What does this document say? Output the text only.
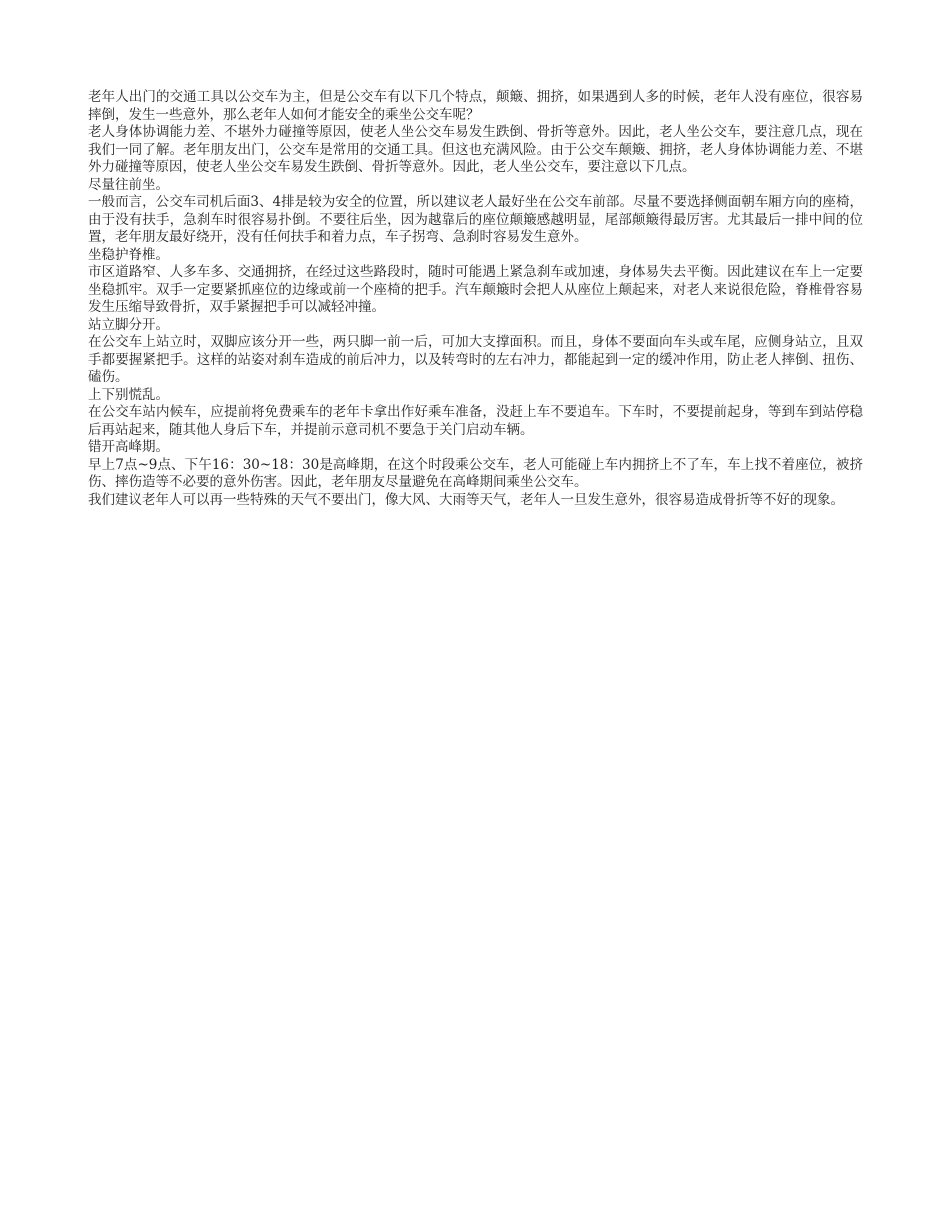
老年人出门的交通工具以公交车为主，但是公交车有以下几个特点，颠簸、拥挤，如果遇到人多的时候，老年人没有座位，很容易摔倒，发生一些意外，那么老年人如何才能安全的乘坐公交车呢？

老人身体协调能力差、不堪外力碰撞等原因，使老人坐公交车易发生跌倒、骨折等意外。因此，老人坐公交车，要注意几点，现在我们一同了解。老年朋友出门，公交车是常用的交通工具。但这也充满风险。由于公交车颠簸、拥挤，老人身体协调能力差、不堪外力碰撞等原因，使老人坐公交车易发生跌倒、骨折等意外。因此，老人坐公交车，要注意以下几点。

尽量往前坐。

一般而言，公交车司机后面3、4排是较为安全的位置，所以建议老人最好坐在公交车前部。尽量不要选择侧面朝车厢方向的座椅，由于没有扶手，急刹车时很容易扑倒。不要往后坐，因为越靠后的座位颠簸感越明显，尾部颠簸得最厉害。尤其最后一排中间的位置，老年朋友最好绕开，没有任何扶手和着力点，车子拐弯、急刹时容易发生意外。

坐稳护脊椎。

市区道路窄、人多车多、交通拥挤，在经过这些路段时，随时可能遇上紧急刹车或加速，身体易失去平衡。因此建议在车上一定要坐稳抓牢。双手一定要紧抓座位的边缘或前一个座椅的把手。汽车颠簸时会把人从座位上颠起来，对老人来说很危险，脊椎骨容易发生压缩导致骨折，双手紧握把手可以减轻冲撞。

站立脚分开。

在公交车上站立时，双脚应该分开一些，两只脚一前一后，可加大支撑面积。而且，身体不要面向车头或车尾，应侧身站立，且双手都要握紧把手。这样的站姿对刹车造成的前后冲力，以及转弯时的左右冲力，都能起到一定的缓冲作用，防止老人摔倒、扭伤、磕伤。

上下别慌乱。

在公交车站内候车，应提前将免费乘车的老年卡拿出作好乘车准备，没赶上车不要追车。下车时，不要提前起身，等到车到站停稳后再站起来，随其他人身后下车，并提前示意司机不要急于关门启动车辆。

错开高峰期。

早上7点~9点、下午16：30~18：30是高峰期，在这个时段乘公交车，老人可能碰上车内拥挤上不了车，车上找不着座位，被挤伤、摔伤造等不必要的意外伤害。因此，老年朋友尽量避免在高峰期间乘坐公交车。

我们建议老年人可以再一些特殊的天气不要出门，像大风、大雨等天气，老年人一旦发生意外，很容易造成骨折等不好的现象。
